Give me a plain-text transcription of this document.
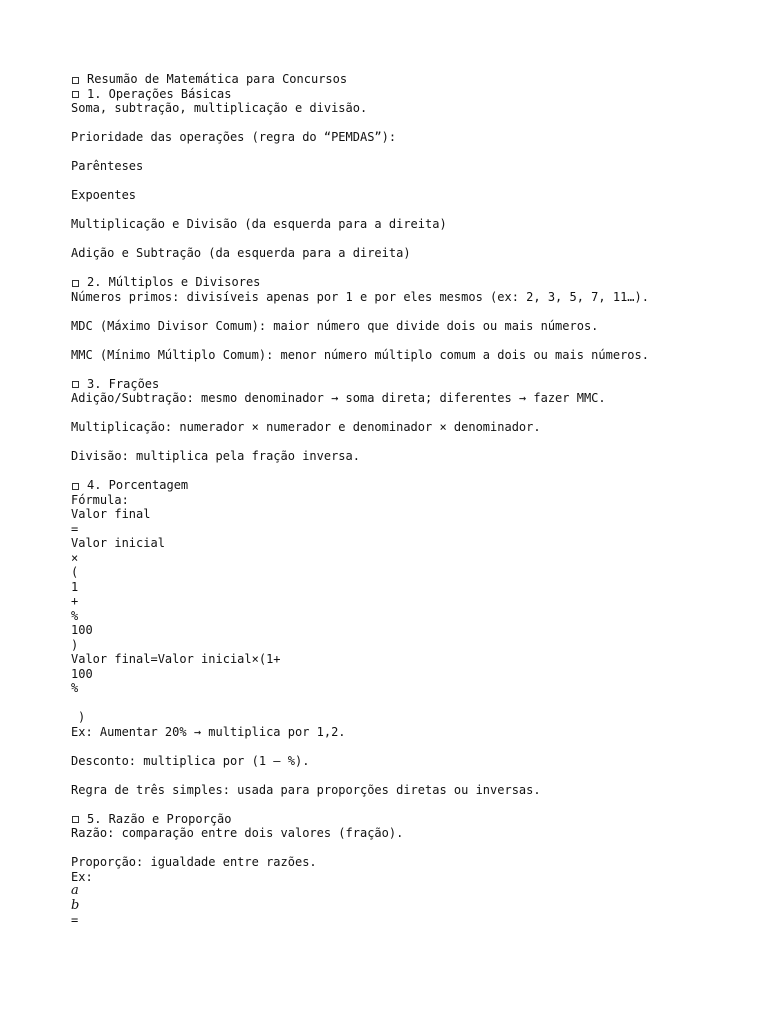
Resumão de Matemática para Concursos
1. Operações Básicas
Soma, subtração, multiplicação e divisão.
Prioridade das operações (regra do “PEMDAS”):
Parênteses
Expoentes
Multiplicação e Divisão (da esquerda para a direita)
Adição e Subtração (da esquerda para a direita)
2. Múltiplos e Divisores
Números primos: divisíveis apenas por 1 e por eles mesmos (ex: 2, 3, 5, 7, 11…).
MDC (Máximo Divisor Comum): maior número que divide dois ou mais números.
MMC (Mínimo Múltiplo Comum): menor número múltiplo comum a dois ou mais números.
3. Frações
Adição/Subtração: mesmo denominador → soma direta; diferentes → fazer MMC.
Multiplicação: numerador × numerador e denominador × denominador.
Divisão: multiplica pela fração inversa.
4. Porcentagem
Fórmula:
Valor final
=
Valor inicial
×
(
1
+
%
100
)
Valor final=Valor inicial×(1+
100
%
)
Ex: Aumentar 20% → multiplica por 1,2.
Desconto: multiplica por (1 – %).
Regra de três simples: usada para proporções diretas ou inversas.
5. Razão e Proporção
Razão: comparação entre dois valores (fração).
Proporção: igualdade entre razões.
Ex:
a
b
=
